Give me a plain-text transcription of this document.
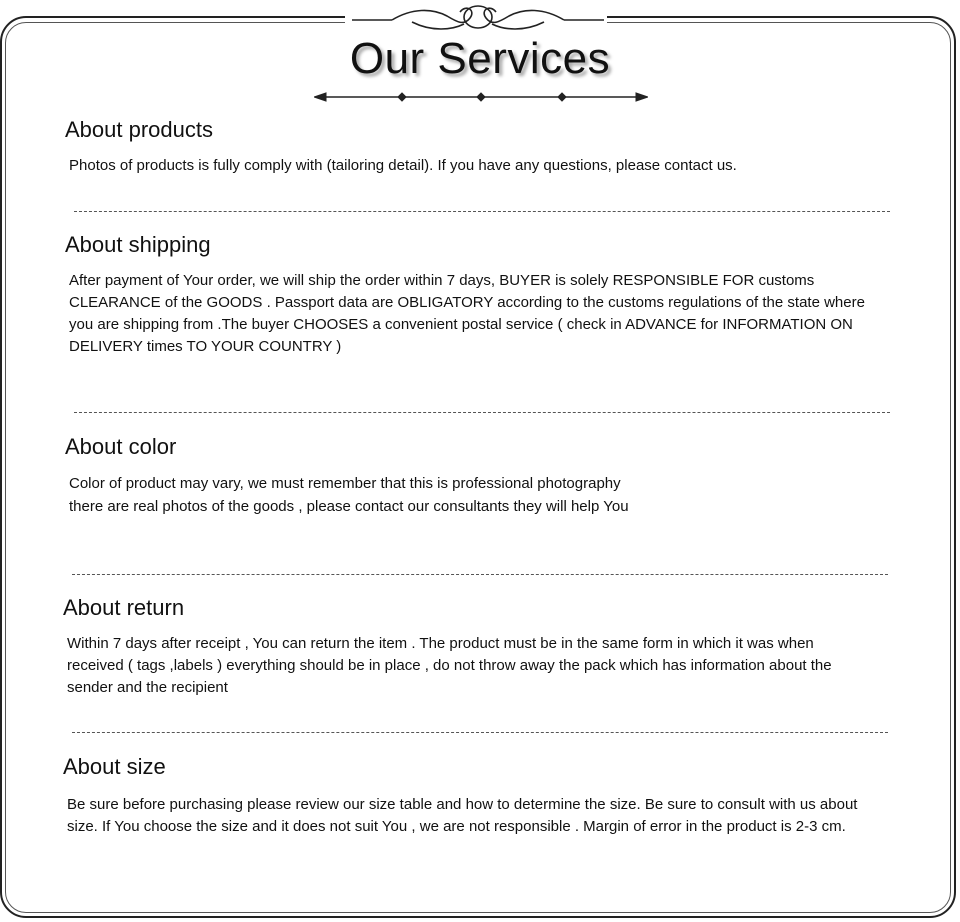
Our Services
About products

Photos of products is fully comply with (tailoring detail). If you have any questions, please contact us.

About shipping

After payment of Your order, we will ship the order within 7 days, BUYER is solely RESPONSIBLE FOR customs
CLEARANCE of the GOODS . Passport data are OBLIGATORY according to the customs regulations of the state where
you are shipping from .The buyer CHOOSES a convenient postal service ( check in ADVANCE for INFORMATION ON
DELIVERY times TO YOUR COUNTRY )

About color

Color of product may vary, we must remember that this is professional photography
there are real photos of the goods , please contact our consultants they will help You

About return

Within 7 days after receipt , You can return the item . The product must be in the same form in which it was when
received ( tags ,labels ) everything should be in place , do not throw away the pack which has information about the
sender and the recipient

About size

Be sure before purchasing please review our size table and how to determine the size. Be sure to consult with us about
size. If You choose the size and it does not suit You , we are not responsible . Margin of error in the product is 2-3 cm.
